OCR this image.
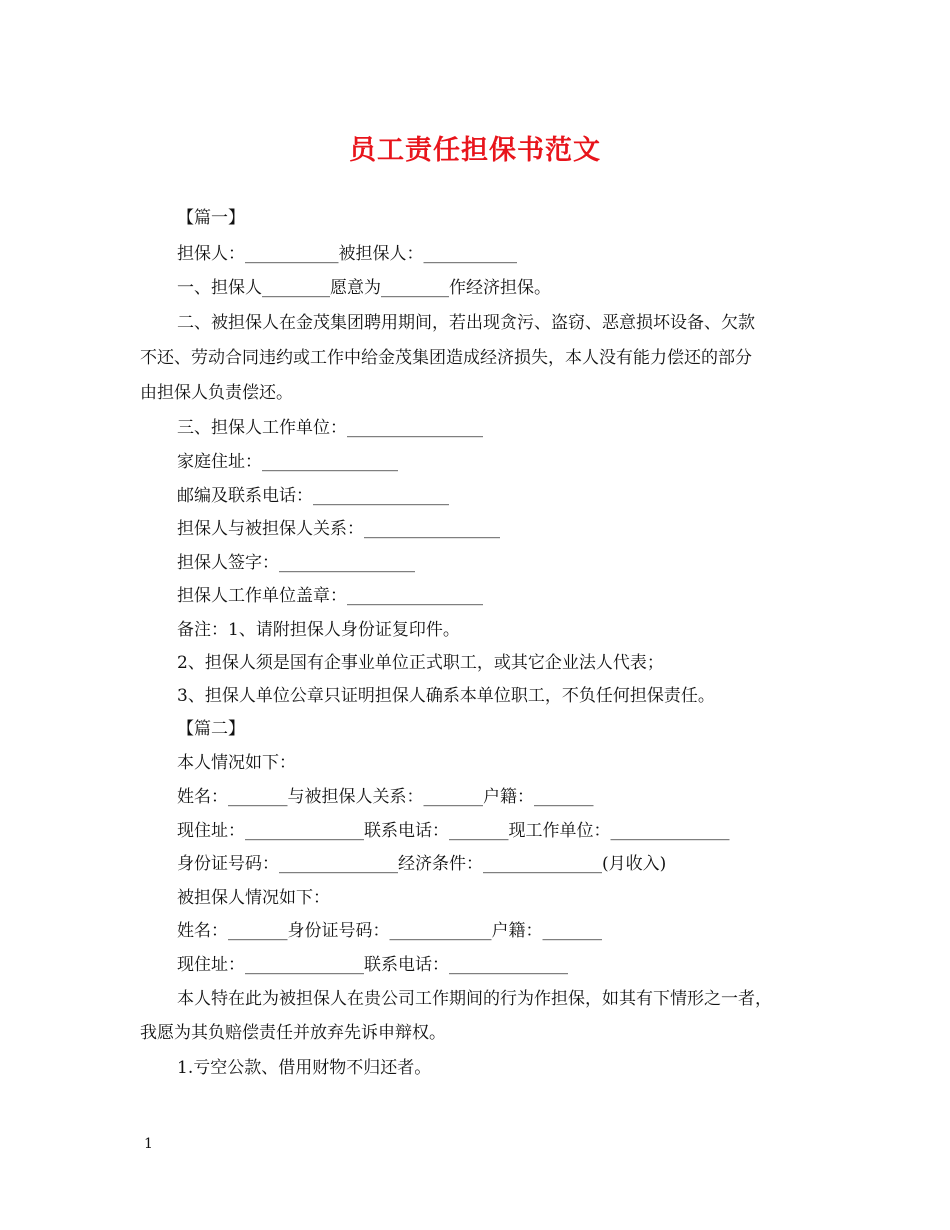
员工责任担保书范文
【篇一】
担保人：___________被担保人：___________
一、担保人________愿意为________作经济担保。
二、被担保人在金茂集团聘用期间，若出现贪污、盗窃、恶意损坏设备、欠款
不还、劳动合同违约或工作中给金茂集团造成经济损失，本人没有能力偿还的部分
由担保人负责偿还。
三、担保人工作单位：________________
家庭住址：________________
邮编及联系电话：________________
担保人与被担保人关系：________________
担保人签字：________________
担保人工作单位盖章：________________
备注：1、请附担保人身份证复印件。
2、担保人须是国有企事业单位正式职工，或其它企业法人代表；
3、担保人单位公章只证明担保人确系本单位职工，不负任何担保责任。
【篇二】
本人情况如下：
姓名：_______与被担保人关系：_______户籍：_______
现住址：______________联系电话：_______现工作单位：______________
身份证号码：______________经济条件：______________(月收入)
被担保人情况如下：
姓名：_______身份证号码：____________户籍：_______
现住址：______________联系电话：______________
本人特在此为被担保人在贵公司工作期间的行为作担保，如其有下情形之一者，
我愿为其负赔偿责任并放弃先诉申辩权。
1.亏空公款、借用财物不归还者。
1
